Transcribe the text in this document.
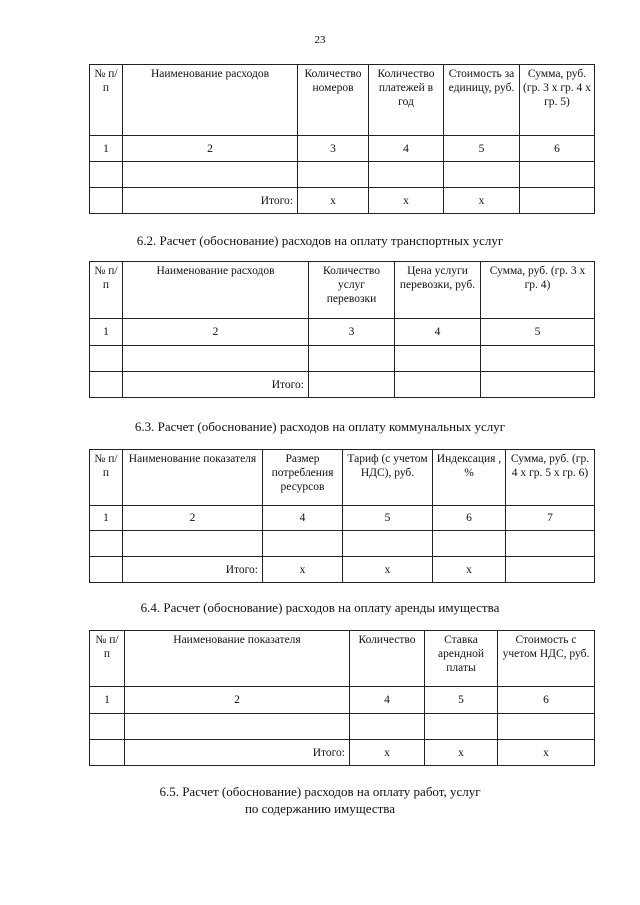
23
№ п/п	Наименование расходов	Количество номеров	Количество платежей в год	Стоимость за единицу, руб.	Сумма, руб. (гр. 3 х гр. 4 х гр. 5)
1	2	3	4	5	6

	Итого:	х	х	х	
6.2. Расчет (обоснование) расходов на оплату транспортных услуг
№ п/п	Наименование расходов	Количество услуг перевозки	Цена услуги перевозки, руб.	Сумма, руб. (гр. 3 х гр. 4)
1	2	3	4	5

	Итого:			
6.3. Расчет (обоснование) расходов на оплату коммунальных услуг
№ п/п	Наименование показателя	Размер потребления ресурсов	Тариф (с учетом НДС), руб.	Индексация , %	Сумма, руб. (гр. 4 х гр. 5 х гр. 6)
1	2	4	5	6	7

	Итого:	х	х	х	
6.4. Расчет (обоснование) расходов на оплату аренды имущества
№ п/п	Наименование показателя	Количество	Ставка арендной платы	Стоимость с учетом НДС, руб.
1	2	4	5	6

	Итого:	х	х	х
6.5. Расчет (обоснование) расходов на оплату работ, услуг
по содержанию имущества
